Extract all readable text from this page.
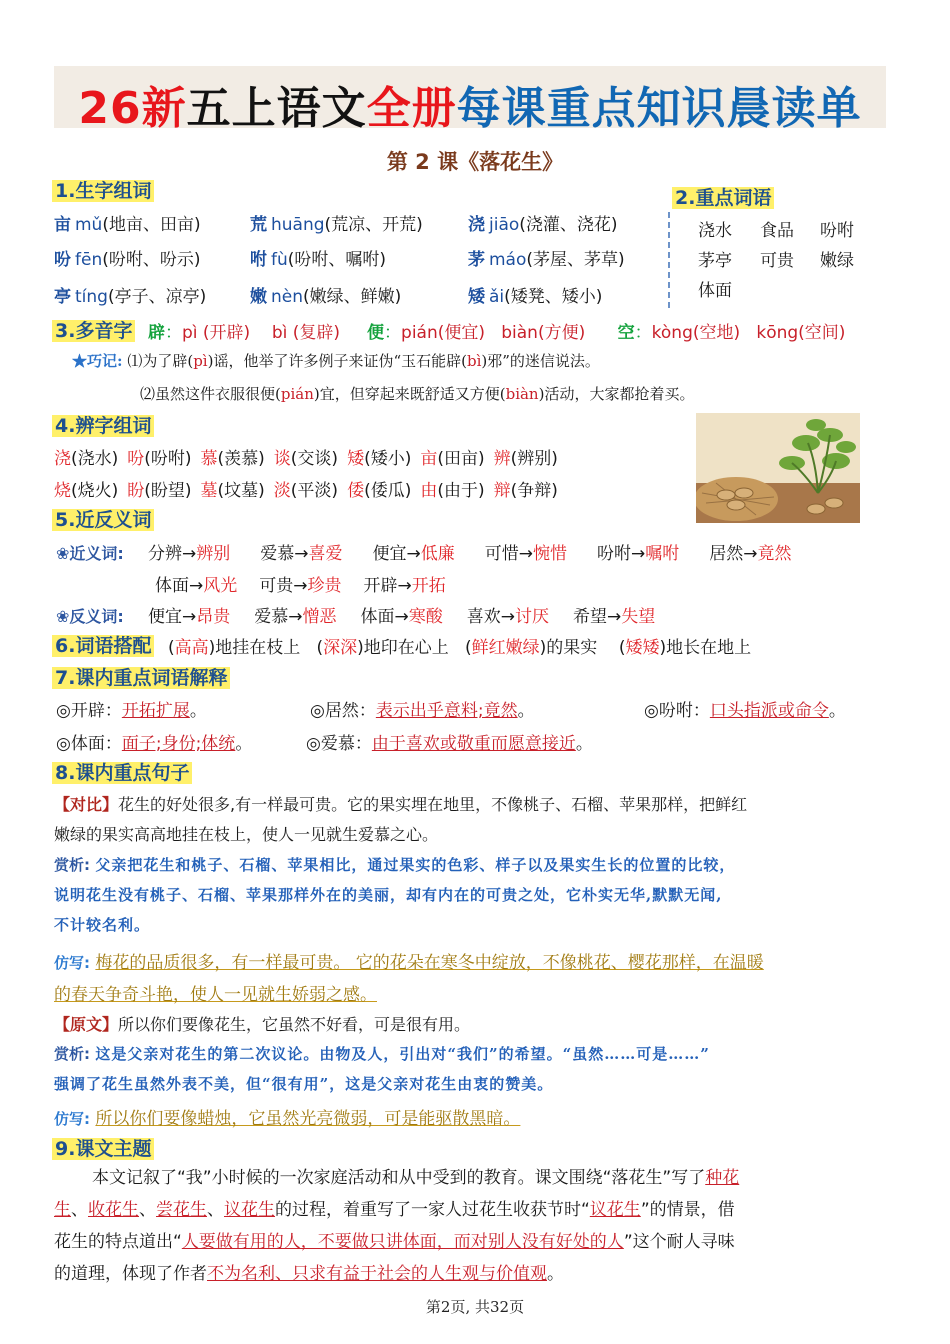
26新五上语文全册每课重点知识晨读单
第 2 课《落花生》
1.生字组词
亩 mǔ(地亩、田亩)	荒 huāng(荒凉、开荒)	浇 jiāo(浇灌、浇花)
吩 fēn(吩咐、吩示)	咐 fù(吩咐、嘱咐)	茅 máo(茅屋、茅草)
亭 tíng(亭子、凉亭)	嫩 nèn(嫩绿、鲜嫩)	矮 ǎi(矮凳、矮小)
2.重点词语
浇水 食品 吩咐
茅亭 可贵 嫩绿
体面
3.多音字 辟：pì (开辟) bì (复辟) 便：pián(便宜) biàn(方便) 空：kòng(空地) kōng(空间)
★巧记: ⑴为了辟(pì)谣，他举了许多例子来证伪“玉石能辟(bì)邪”的迷信说法。
⑵虽然这件衣服很便(pián)宜，但穿起来既舒适又方便(biàn)活动，大家都抢着买。
4.辨字组词
浇(浇水) 吩(吩咐) 慕(羡慕) 谈(交谈) 矮(矮小) 亩(田亩) 辨(辨别)
烧(烧火) 盼(盼望) 墓(坟墓) 淡(平淡) 倭(倭瓜) 由(由于) 辩(争辩)
5.近反义词
❀近义词: 分辨→辨别 爱慕→喜爱 便宜→低廉 可惜→惋惜 吩咐→嘱咐 居然→竟然
体面→风光 可贵→珍贵 开辟→开拓
❀反义词: 便宜→昂贵 爱慕→憎恶 体面→寒酸 喜欢→讨厌 希望→失望
6.词语搭配 (高高)地挂在枝上   (深深)地印在心上   (鲜红嫩绿)的果实    (矮矮)地长在地上
7.课内重点词语解释
◎开辟：开拓扩展。	◎居然：表示出乎意料;竟然。	◎吩咐：口头指派或命令。
◎体面：面子;身份;体统。	◎爱慕：由于喜欢或敬重而愿意接近。
8.课内重点句子
【对比】花生的好处很多,有一样最可贵。它的果实埋在地里，不像桃子、石榴、苹果那样，把鲜红
嫩绿的果实高高地挂在枝上，使人一见就生爱慕之心。
赏析: 父亲把花生和桃子、石榴、苹果相比，通过果实的色彩、样子以及果实生长的位置的比较，
说明花生没有桃子、石榴、苹果那样外在的美丽，却有内在的可贵之处，它朴实无华,默默无闻,
不计较名利。
仿写: 梅花的品质很多，有一样最可贵。 它的花朵在寒冬中绽放，不像桃花、樱花那样，在温暖
的春天争奇斗艳，使人一见就生娇弱之感。
【原文】所以你们要像花生，它虽然不好看，可是很有用。
赏析: 这是父亲对花生的第二次议论。由物及人，引出对“我们”的希望。“虽然……可是……”
强调了花生虽然外表不美，但“很有用”，这是父亲对花生由衷的赞美。
仿写: 所以你们要像蜡烛，它虽然光亮微弱，可是能驱散黑暗。
9.课文主题
本文记叙了“我”小时候的一次家庭活动和从中受到的教育。课文围绕“落花生”写了种花
生、收花生、尝花生、议花生的过程，着重写了一家人过花生收获节时“议花生”的情景，借
花生的特点道出“人要做有用的人，不要做只讲体面，而对别人没有好处的人”这个耐人寻味
的道理，体现了作者不为名利、只求有益于社会的人生观与价值观。
第2页, 共32页
